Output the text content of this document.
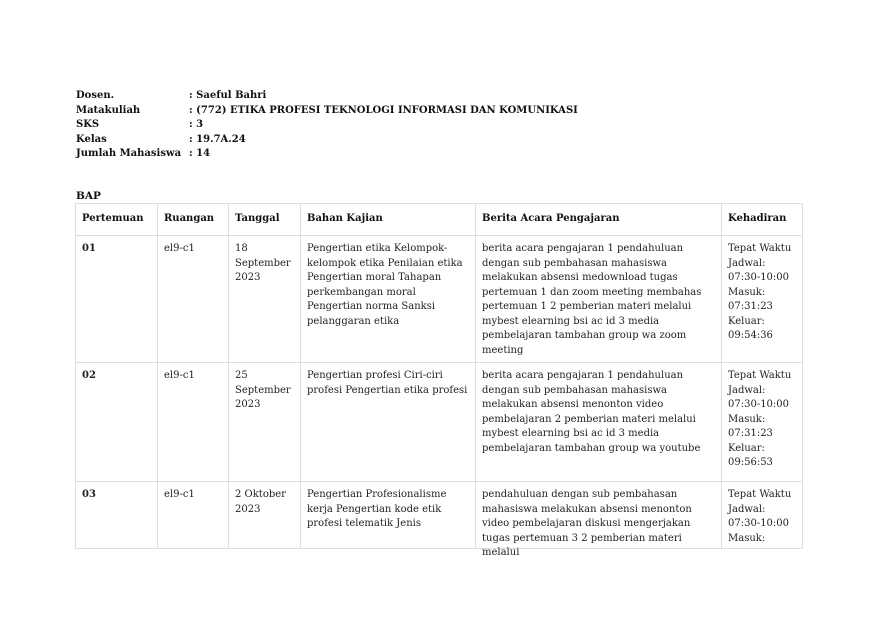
Dosen.	: Saeful Bahri
Matakuliah	: (772) ETIKA PROFESI TEKNOLOGI INFORMASI DAN KOMUNIKASI
SKS	: 3
Kelas	: 19.7A.24
Jumlah Mahasiswa : 14
BAP
Pertemuan	Ruangan	Tanggal	Bahan Kajian	Berita Acara Pengajaran	Kehadiran
01	el9-c1	18 September 2023	Pengertian etika Kelompok-kelompok etika Penilaian etika Pengertian moral Tahapan perkembangan moral Pengertian norma Sanksi pelanggaran etika	berita acara pengajaran 1 pendahuluan dengan sub pembahasan mahasiswa melakukan absensi medownload tugas pertemuan 1 dan zoom meeting membahas pertemuan 1 2 pemberian materi melalui mybest elearning bsi ac id 3 media pembelajaran tambahan group wa zoom meeting	Tepat Waktu Jadwal: 07:30-10:00 Masuk: 07:31:23 Keluar: 09:54:36
02	el9-c1	25 September 2023	Pengertian profesi Ciri-ciri profesi Pengertian etika profesi	berita acara pengajaran 1 pendahuluan dengan sub pembahasan mahasiswa melakukan absensi menonton video pembelajaran 2 pemberian materi melalui mybest elearning bsi ac id 3 media pembelajaran tambahan group wa youtube	Tepat Waktu Jadwal: 07:30-10:00 Masuk: 07:31:23 Keluar: 09:56:53

03	el9-c1	2 Oktober 2023	Pengertian Profesionalisme kerja Pengertian kode etik profesi telematik Jenis	pendahuluan dengan sub pembahasan mahasiswa melakukan absensi menonton video pembelajaran diskusi mengerjakan tugas pertemuan 3 2 pemberian materi melalui	Tepat Waktu Jadwal: 07:30-10:00 Masuk:
